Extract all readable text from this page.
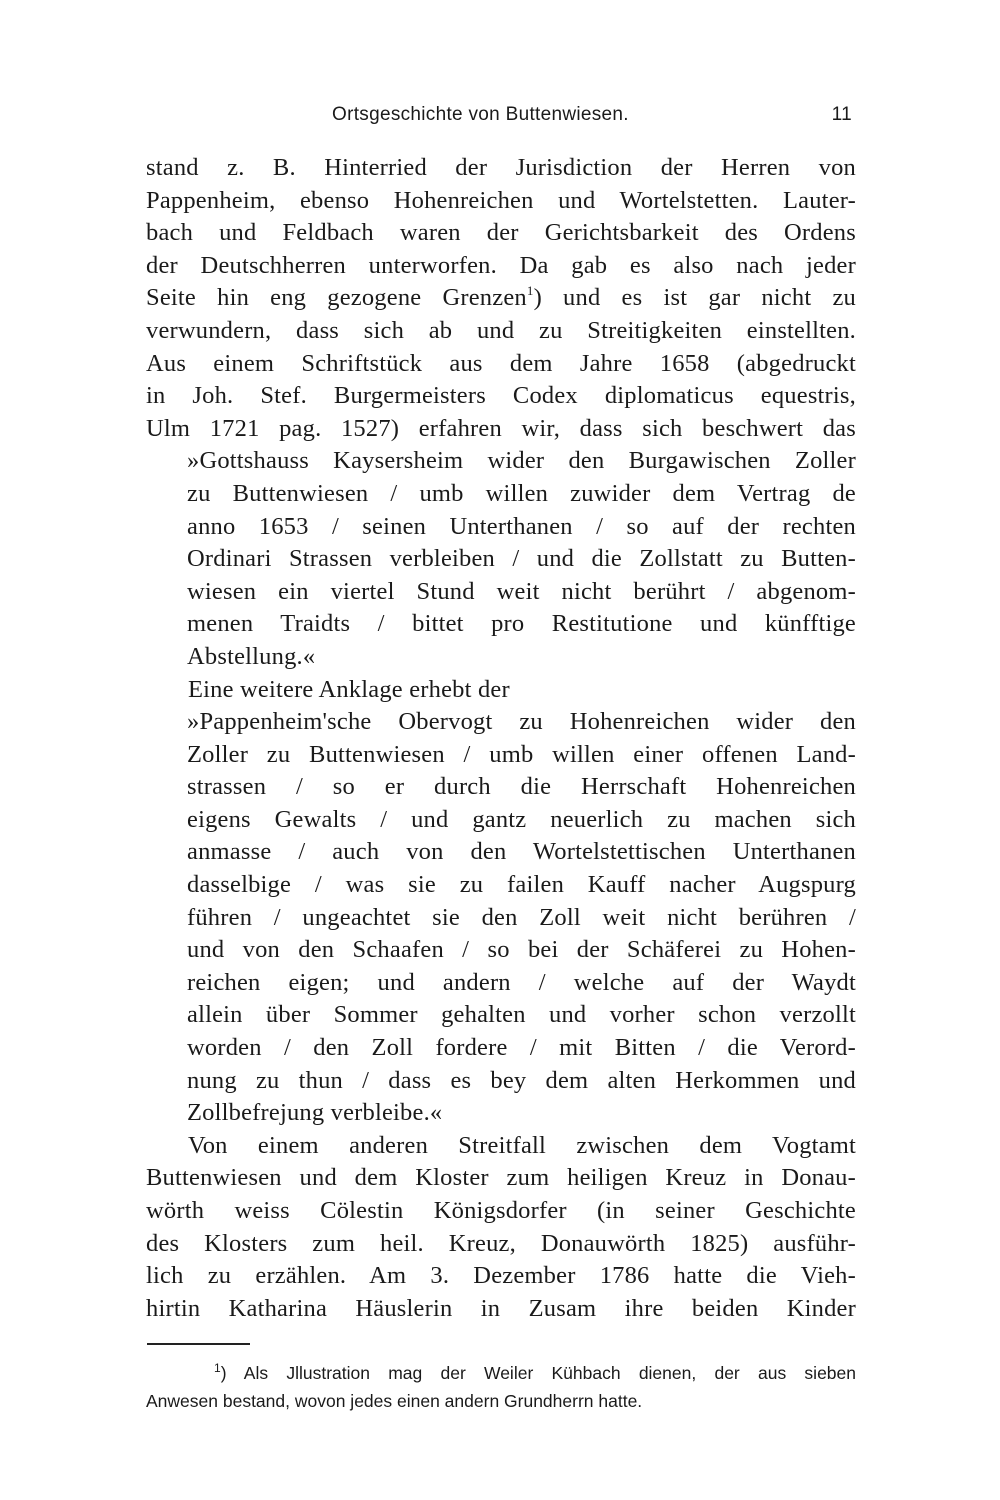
Ortsgeschichte von Buttenwiesen.	11
stand z. B. Hinterried der Jurisdiction der Herren von
Pappenheim, ebenso Hohenreichen und Wortelstetten. Lauter-
bach und Feldbach waren der Gerichtsbarkeit des Ordens
der Deutschherren unterworfen. Da gab es also nach jeder
Seite hin eng gezogene Grenzen$^1$) und es ist gar nicht zu
verwundern, dass sich ab und zu Streitigkeiten einstellten.
Aus einem Schriftstück aus dem Jahre 1658 (abgedruckt
in Joh. Stef. Burgermeisters Codex diplomaticus equestris,
Ulm 1721 pag. 1527) erfahren wir, dass sich beschwert das
»Gottshauss Kaysersheim wider den Burgawischen Zoller
zu Buttenwiesen / umb willen zuwider dem Vertrag de
anno 1653 / seinen Unterthanen / so auf der rechten
Ordinari Strassen verbleiben / und die Zollstatt zu Butten-
wiesen ein viertel Stund weit nicht berührt / abgenom-
menen Traidts / bittet pro Restitutione und künfftige
Abstellung.«
Eine weitere Anklage erhebt der
»Pappenheim'sche Obervogt zu Hohenreichen wider den
Zoller zu Buttenwiesen / umb willen einer offenen Land-
strassen / so er durch die Herrschaft Hohenreichen
eigens Gewalts / und gantz neuerlich zu machen sich
anmasse / auch von den Wortelstettischen Unterthanen
dasselbige / was sie zu failen Kauff nacher Augspurg
führen / ungeachtet sie den Zoll weit nicht berühren /
und von den Schaafen / so bei der Schäferei zu Hohen-
reichen eigen; und andern / welche auf der Waydt
allein über Sommer gehalten und vorher schon verzollt
worden / den Zoll fordere / mit Bitten / die Verord-
nung zu thun / dass es bey dem alten Herkommen und
Zollbefrejung verbleibe.«
Von einem anderen Streitfall zwischen dem Vogtamt
Buttenwiesen und dem Kloster zum heiligen Kreuz in Donau-
wörth weiss Cölestin Königsdorfer (in seiner Geschichte
des Klosters zum heil. Kreuz, Donauwörth 1825) ausführ-
lich zu erzählen. Am 3. Dezember 1786 hatte die Vieh-
hirtin Katharina Häuslerin in Zusam ihre beiden Kinder
$^1$) Als Jllustration mag der Weiler Kühbach dienen, der aus sieben
Anwesen bestand, wovon jedes einen andern Grundherrn hatte.
